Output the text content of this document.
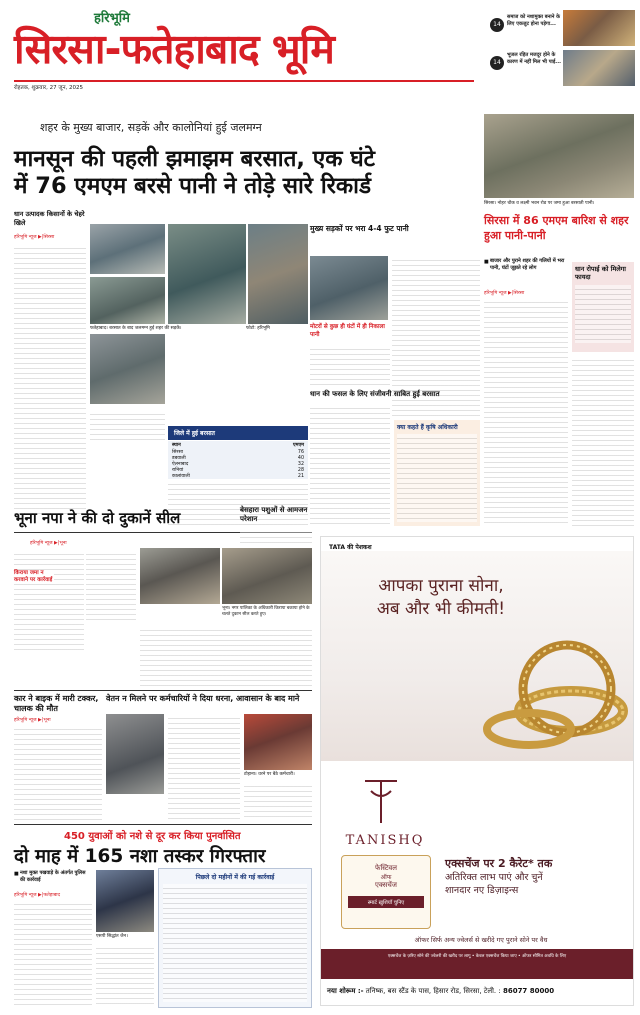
हरिभूमि
सिरसा-फतेहाबाद भूमि
रोहतक, शुक्रवार, 27 जून, 2025
14
समाज को नशामुक्त बनाने के लिए एकजुट होना पड़ेगा...
14
भूजल रहित मजदूर होने के कारण में नहीं मिल भी पाई...
शहर के मुख्य बाजार, सड़कें और कालोनियां हुई जलमग्न
मानसून की पहली झमाझम बरसात, एक घंटे
में 76 एमएम बरसे पानी ने तोड़े सारे रिकार्ड
धान उत्पादक किसानों के चेहरे खिले
हरिभूमि न्यूज ▶|सिरसा
फतेहाबाद। बरसात के बाद जलमग्न हुई शहर की सड़कें।	फोटो: हरिभूमि
जिले में हुई बरसात
स्थान	एमएम
सिरसा	76
डबवाली	40
ऐलनाबाद	32
रानियां	28
कालांवाली	21
मुख्य सड़कों पर भरा 4-4 फुट पानी
मोटरों से कुछ ही घंटों में ही निकाला पानी
धान की फसल के लिए संजीवनी साबित हुई बरसात
क्या कहते हैं कृषि अधिकारी
सिरसा। नोहर चौक व लक्ष्मी भवन रोड पर जमा हुआ बरसाती पानी।
सिरसा में 86 एमएम बारिश से शहर हुआ पानी-पानी
■ बाजार और पुराने शहर की गलियों में भरा पानी, घंटों जूझते रहे लोग
हरिभूमि न्यूज ▶|सिरसा
धान रोपाई को मिलेगा फायदा
भूना नपा ने की दो दुकानें सील
हरिभूमि न्यूज ▶|भूना
किराया जमा न करवाने पर कार्रवाई
भूना। नगर पालिका के अधिकारी किराया बकाया होने के चलते दुकान सील करते हुए।
बेसहारा पशुओं से आमजन परेशान
कार ने बाइक में मारी टक्कर, चालक की मौत
हरिभूमि न्यूज ▶|भूना
वेतन न मिलने पर कर्मचारियों ने दिया धरना, आवासान के बाद माने
टोहाना। धरने पर बैठे कर्मचारी।
450 युवाओं को नशे से दूर कर किया पुनर्वासित
दो माह में 165 नशा तस्कर गिरफ्तार
■ नशा मुक्त पखवाड़े के अंतर्गत पुलिस की कार्रवाई
हरिभूमि न्यूज ▶|फतेहाबाद
एसपी सिद्धांत जैन।
पिछले दो महीनों में की गई कार्रवाई
TATA की पेशकश
आपका पुराना सोना,
अब और भी कीमती!
TANISHQ
फेस्टिवल
ऑफ
एक्सचेंज
स्मार्ट ख़ुशियाँ चुनिए
एक्सचेंज पर 2 कैरेट* तक
अतिरिक्त लाभ पाएं और चुनें
शानदार नए डिज़ाइन्स
ऑफर सिर्फ अन्य ज्वेलर्स से खरीदे गए पुराने सोने पर वैध
एक्सचेंज के ज़रिए सोने की ज्वेलरी की खरीद पर लागू • केवल एक्सचेंज किया जाए • ऑफर सीमित अवधि के लिए
नया शोरूम :- तनिष्क, बस स्टैंड के पास, हिसार रोड, सिरसा, टेली. : 86077 80000
